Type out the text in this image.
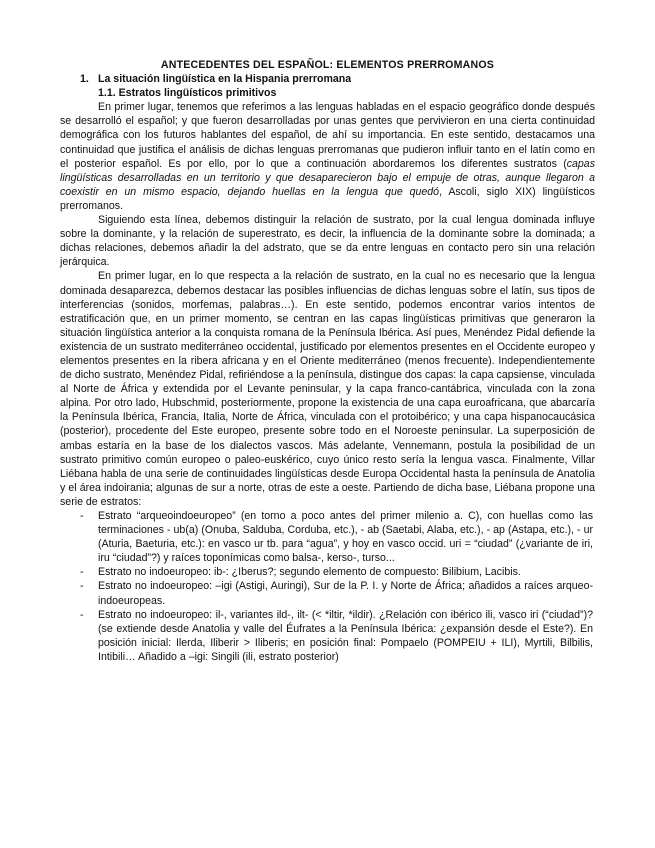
ANTECEDENTES DEL ESPAÑOL: ELEMENTOS PRERROMANOS
1. La situación lingüística en la Hispania prerromana
1.1. Estratos lingüísticos primitivos

En primer lugar, tenemos que referimos a las lenguas habladas en el espacio geográfico donde después se desarrolló el español; y que fueron desarrolladas por unas gentes que pervivieron en una cierta continuidad demográfica con los futuros hablantes del español, de ahí su importancia. En este sentido, destacamos una continuidad que justifica el análisis de dichas lenguas prerromanas que pudieron influir tanto en el latín como en el posterior español. Es por ello, por lo que a continuación abordaremos los diferentes sustratos (capas lingüísticas desarrolladas en un territorio y que desaparecieron bajo el empuje de otras, aunque llegaron a coexistir en un mismo espacio, dejando huellas en la lengua que quedó, Ascoli, siglo XIX) lingüísticos prerromanos.

Siguiendo esta línea, debemos distinguir la relación de sustrato, por la cual lengua dominada influye sobre la dominante, y la relación de superestrato, es decir, la influencia de la dominante sobre la dominada; a dichas relaciones, debemos añadir la del adstrato, que se da entre lenguas en contacto pero sin una relación jerárquica.

En primer lugar, en lo que respecta a la relación de sustrato, en la cual no es necesario que la lengua dominada desaparezca, debemos destacar las posibles influencias de dichas lenguas sobre el latín, sus tipos de interferencias (sonidos, morfemas, palabras…). En este sentido, podemos encontrar varios intentos de estratificación que, en un primer momento, se centran en las capas lingüísticas primitivas que generaron la situación lingüística anterior a la conquista romana de la Península Ibérica. Así pues, Menéndez Pidal defiende la existencia de un sustrato mediterráneo occidental, justificado por elementos presentes en el Occidente europeo y elementos presentes en la ribera africana y en el Oriente mediterráneo (menos frecuente). Independientemente de dicho sustrato, Menéndez Pidal, refiriéndose a la península, distingue dos capas: la capa capsiense, vinculada al Norte de África y extendida por el Levante peninsular, y la capa franco-cantábrica, vinculada con la zona alpina. Por otro lado, Hubschmid, posteriormente, propone la existencia de una capa euroafricana, que abarcaría la Península Ibérica, Francia, Italia, Norte de África, vinculada con el protoibérico; y una capa hispanocaucásica (posterior), procedente del Este europeo, presente sobre todo en el Noroeste peninsular. La superposición de ambas estaría en la base de los dialectos vascos. Más adelante, Vennemann, postula la posibilidad de un sustrato primitivo común europeo o paleo-euskérico, cuyo único resto sería la lengua vasca. Finalmente, Villar Liébana habla de una serie de continuidades lingüísticas desde Europa Occidental hasta la península de Anatolia y el área indoirania; algunas de sur a norte, otras de este a oeste. Partiendo de dicha base, Liébana propone una serie de estratos:

- Estrato “arqueoindoeuropeo” (en torno a poco antes del primer milenio a. C), con huellas como las terminaciones - ub(a) (Onuba, Salduba, Corduba, etc.), - ab (Saetabi, Alaba, etc.), - ap (Astapa, etc.), - ur (Aturia, Baeturia, etc.): en vasco ur tb. para “agua”, y hoy en vasco occid. uri = “ciudad” (¿variante de iri, iru “ciudad”?) y raíces toponímicas como balsa-, kerso-, turso...
- Estrato no indoeuropeo: ib-: ¿Iberus?; segundo elemento de compuesto: Bilibium, Lacibis.
- Estrato no indoeuropeo: –igi (Astigi, Auringi), Sur de la P. I. y Norte de África; añadidos a raíces arqueo-indoeuropeas.
- Estrato no indoeuropeo: il-, variantes ild-, ilt- (< *iltir, *ildir). ¿Relación con ibérico ili, vasco iri (“ciudad”)? (se extiende desde Anatolia y valle del Éufrates a la Península Ibérica: ¿expansión desde el Este?). En posición inicial: Ilerda, Iliberir > Iliberis; en posición final: Pompaelo (POMPEIU + ILI), Myrtili, Bilbilis, Intibili… Añadido a –igi: Singili (ili, estrato posterior)
